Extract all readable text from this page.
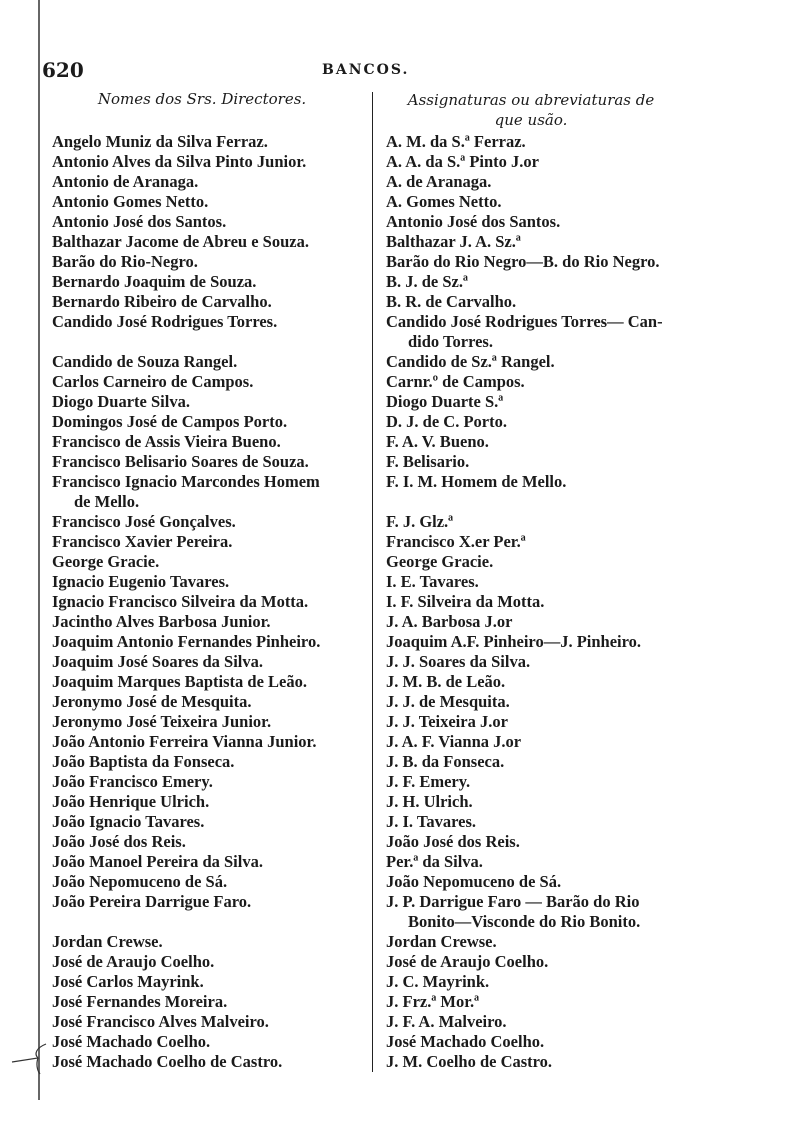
620	BANCOS.
Nomes dos Srs. Directores.	Assignaturas ou abreviaturas de
que usão.
Angelo Muniz da Silva Ferraz.
Antonio Alves da Silva Pinto Junior.
Antonio de Aranaga.
Antonio Gomes Netto.
Antonio José dos Santos.
Balthazar Jacome de Abreu e Souza.
Barão do Rio-Negro.
Bernardo Joaquim de Souza.
Bernardo Ribeiro de Carvalho.
Candido José Rodrigues Torres.
Candido de Souza Rangel.
Carlos Carneiro de Campos.
Diogo Duarte Silva.
Domingos José de Campos Porto.
Francisco de Assis Vieira Bueno.
Francisco Belisario Soares de Souza.
Francisco Ignacio Marcondes Homem
de Mello.
Francisco José Gonçalves.
Francisco Xavier Pereira.
George Gracie.
Ignacio Eugenio Tavares.
Ignacio Francisco Silveira da Motta.
Jacintho Alves Barbosa Junior.
Joaquim Antonio Fernandes Pinheiro.
Joaquim José Soares da Silva.
Joaquim Marques Baptista de Leão.
Jeronymo José de Mesquita.
Jeronymo José Teixeira Junior.
João Antonio Ferreira Vianna Junior.
João Baptista da Fonseca.
João Francisco Emery.
João Henrique Ulrich.
João Ignacio Tavares.
João José dos Reis.
João Manoel Pereira da Silva.
João Nepomuceno de Sá.
João Pereira Darrigue Faro.
Jordan Crewse.
José de Araujo Coelho.
José Carlos Mayrink.
José Fernandes Moreira.
José Francisco Alves Malveiro.
José Machado Coelho.
José Machado Coelho de Castro.
A. M. da S.ª Ferraz.
A. A. da S.ª Pinto J.or
A. de Aranaga.
A. Gomes Netto.
Antonio José dos Santos.
Balthazar J. A. Sz.ª
Barão do Rio Negro—B. do Rio Negro.
B. J. de Sz.ª
B. R. de Carvalho.
Candido José Rodrigues Torres— Can-
dido Torres.
Candido de Sz.ª Rangel.
Carnr.º de Campos.
Diogo Duarte S.ª
D. J. de C. Porto.
F. A. V. Bueno.
F. Belisario.
F. I. M. Homem de Mello.
F. J. Glz.ª
Francisco X.er Per.ª
George Gracie.
I. E. Tavares.
I. F. Silveira da Motta.
J. A. Barbosa J.or
Joaquim A.F. Pinheiro—J. Pinheiro.
J. J. Soares da Silva.
J. M. B. de Leão.
J. J. de Mesquita.
J. J. Teixeira J.or
J. A. F. Vianna J.or
J. B. da Fonseca.
J. F. Emery.
J. H. Ulrich.
J. I. Tavares.
João José dos Reis.
Per.ª da Silva.
João Nepomuceno de Sá.
J. P. Darrigue Faro — Barão do Rio
Bonito—Visconde do Rio Bonito.
Jordan Crewse.
José de Araujo Coelho.
J. C. Mayrink.
J. Frz.ª Mor.ª
J. F. A. Malveiro.
José Machado Coelho.
J. M. Coelho de Castro.
